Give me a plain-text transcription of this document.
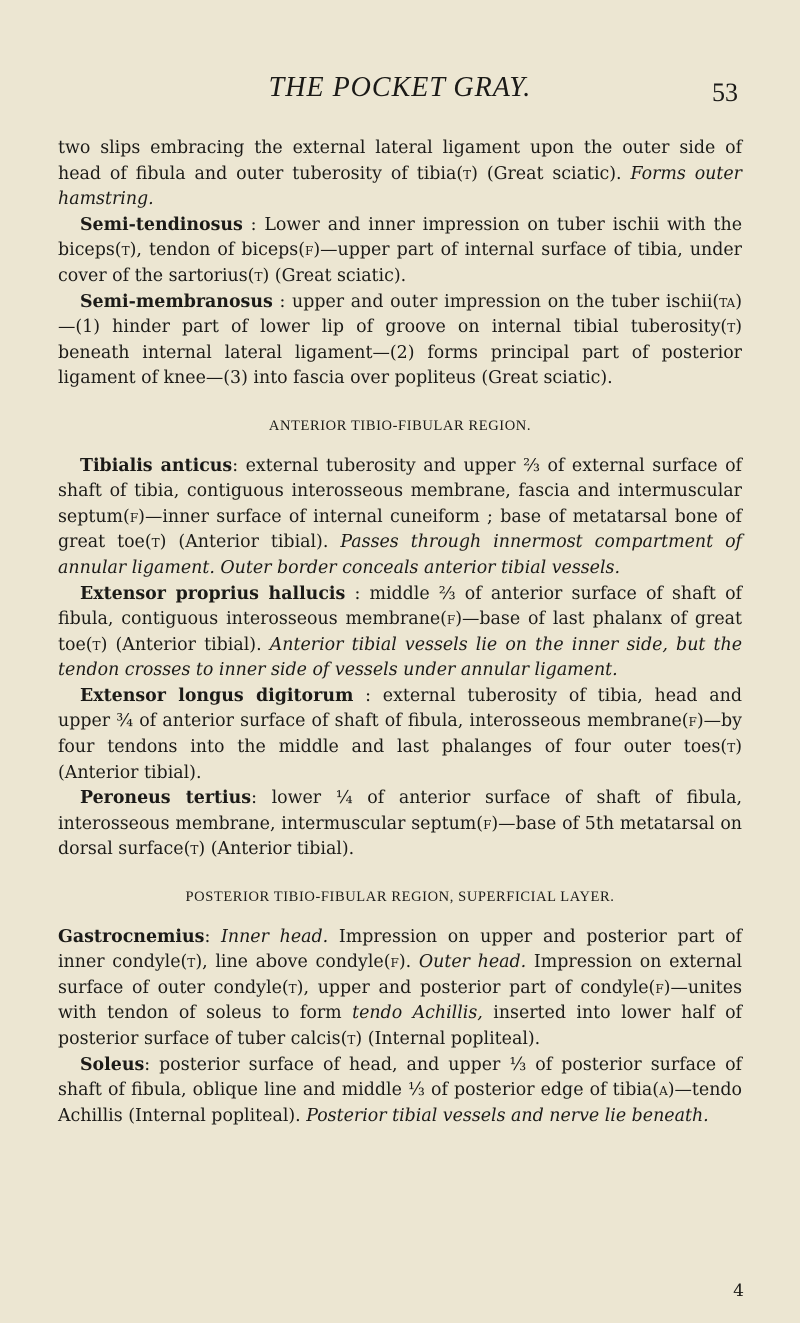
THE POCKET GRAY.	53

two slips embracing the external lateral ligament upon the outer side of head of fibula and outer tuberosity of tibia(t) (Great sciatic). Forms outer hamstring.

Semi-tendinosus : Lower and inner impression on tuber ischii with the biceps(t), tendon of biceps(f)—upper part of internal surface of tibia, under cover of the sartorius(t) (Great sciatic).

Semi-membranosus : upper and outer impression on the tuber ischii(ta)—(1) hinder part of lower lip of groove on internal tibial tuberosity(t) beneath internal lateral ligament—(2) forms principal part of posterior ligament of knee—(3) into fascia over popliteus (Great sciatic).

ANTERIOR TIBIO-FIBULAR REGION.

Tibialis anticus: external tuberosity and upper ⅔ of external surface of shaft of tibia, contiguous interosseous membrane, fascia and intermuscular septum(f)—inner surface of internal cuneiform ; base of metatarsal bone of great toe(t) (Anterior tibial). Passes through innermost compartment of annular ligament. Outer border conceals anterior tibial vessels.

Extensor proprius hallucis : middle ⅔ of anterior surface of shaft of fibula, contiguous interosseous membrane(f)—base of last phalanx of great toe(t) (Anterior tibial). Anterior tibial vessels lie on the inner side, but the tendon crosses to inner side of vessels under annular ligament.

Extensor longus digitorum : external tuberosity of tibia, head and upper ¾ of anterior surface of shaft of fibula, interosseous membrane(f)—by four tendons into the middle and last phalanges of four outer toes(t) (Anterior tibial).

Peroneus tertius: lower ¼ of anterior surface of shaft of fibula, interosseous membrane, intermuscular septum(f)—base of 5th metatarsal on dorsal surface(t) (Anterior tibial).

POSTERIOR TIBIO-FIBULAR REGION, SUPERFICIAL LAYER.

Gastrocnemius: Inner head. Impression on upper and posterior part of inner condyle(t), line above condyle(f). Outer head. Impression on external surface of outer condyle(t), upper and posterior part of condyle(f)—unites with tendon of soleus to form tendo Achillis, inserted into lower half of posterior surface of tuber calcis(t) (Internal popliteal).

Soleus: posterior surface of head, and upper ⅓ of posterior surface of shaft of fibula, oblique line and middle ⅓ of posterior edge of tibia(a)—tendo Achillis (Internal popliteal). Posterior tibial vessels and nerve lie beneath.

4
